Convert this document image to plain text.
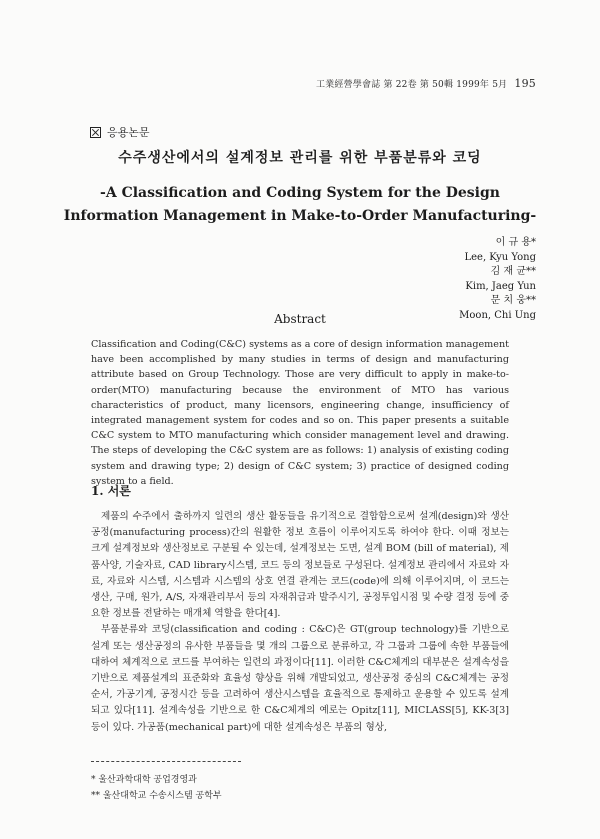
工業經營學會誌 第 22卷 第 50輯 1999年 5月 195
응용논문
수주생산에서의 설계정보 관리를 위한 부품분류와 코딩
-A Classification and Coding System for the Design
Information Management in Make-to-Order Manufacturing-
이 규 용*
Lee, Kyu Yong
김 재 균**
Kim, Jaeg Yun
문 치 웅**
Moon, Chi Ung
Abstract
Classification and Coding(C&C) systems as a core of design information management have been accomplished by many studies in terms of design and manufacturing attribute based on Group Technology. Those are very difficult to apply in make-to-order(MTO) manufacturing because the environment of MTO has various characteristics of product, many licensors, engineering change, insufficiency of integrated management system for codes and so on. This paper presents a suitable C&C system to MTO manufacturing which consider management level and drawing. The steps of developing the C&C system are as follows: 1) analysis of existing coding system and drawing type; 2) design of C&C system; 3) practice of designed coding system to a field.
1. 서론

제품의 수주에서 출하까지 일련의 생산 활동들을 유기적으로 결합함으로써 설계(design)와 생산공정(manufacturing process)간의 원활한 정보 흐름이 이루어지도록 하여야 한다. 이때 정보는 크게 설계정보와 생산정보로 구분될 수 있는데, 설계정보는 도면, 설계 BOM (bill of material), 제품사양, 기술자료, CAD library시스템, 코드 등의 정보들로 구성된다. 설계정보 관리에서 자료와 자료, 자료와 시스템, 시스템과 시스템의 상호 연결 관계는 코드(code)에 의해 이루어지며, 이 코드는 생산, 구매, 원가, A/S, 자재관리부서 등의 자재취급과 발주시기, 공정투입시점 및 수량 결정 등에 중요한 정보를 전달하는 매개체 역할을 한다[4].

부품분류와 코딩(classification and coding : C&C)은 GT(group technology)를 기반으로 설계 또는 생산공정의 유사한 부품들을 몇 개의 그룹으로 분류하고, 각 그룹과 그룹에 속한 부품들에 대하여 체계적으로 코드를 부여하는 일련의 과정이다[11]. 이러한 C&C체계의 대부분은 설계속성을 기반으로 제품설계의 표준화와 효율성 향상을 위해 개발되었고, 생산공정 중심의 C&C체계는 공정순서, 가공기계, 공정시간 등을 고려하여 생산시스템을 효율적으로 통제하고 운용할 수 있도록 설계되고 있다[11]. 설계속성을 기반으로 한 C&C체계의 예로는 Opitz[11], MICLASS[5], KK-3[3] 등이 있다. 가공품(mechanical part)에 대한 설계속성은 부품의 형상,

* 울산과학대학 공업경영과
** 울산대학교 수송시스템 공학부
